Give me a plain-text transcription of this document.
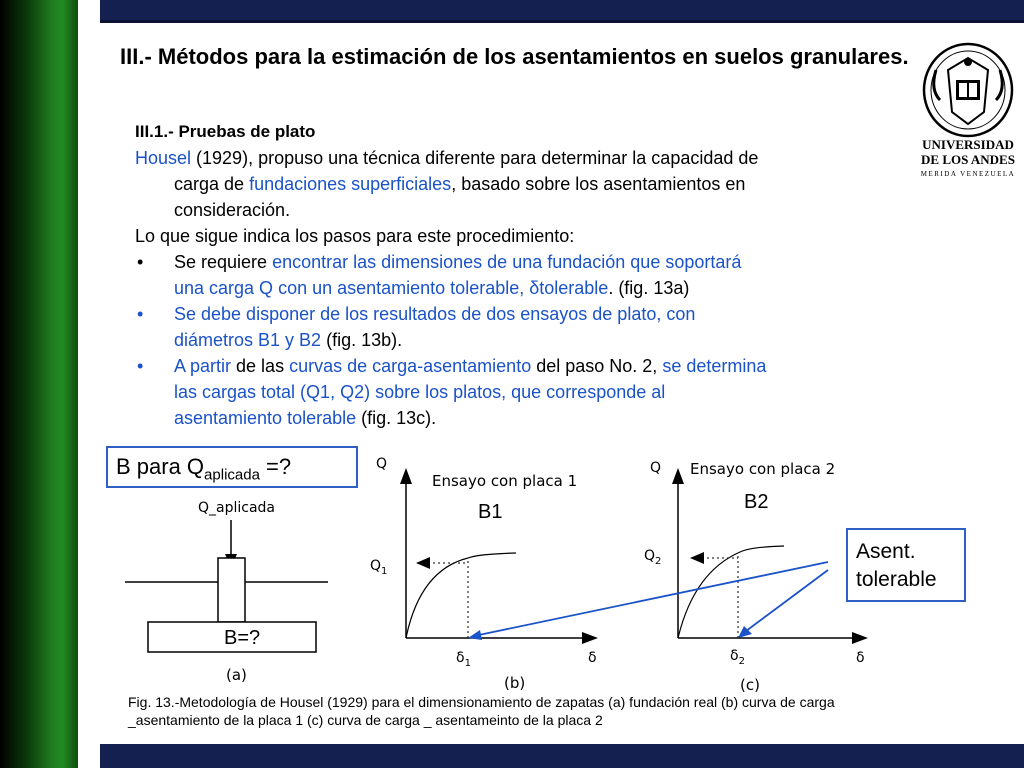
III.- Métodos para la estimación de los asentamientos en suelos granulares.
UNIVERSIDAD
DE LOS ANDES
MERIDA VENEZUELA

III.1.- Pruebas de plato

Housel (1929), propuso una técnica diferente para determinar la capacidad de

carga de fundaciones superficiales, basado sobre los asentamientos en

consideración.

Lo que sigue indica los pasos para este procedimiento:

• Se requiere encontrar las dimensiones de una fundación que soportará
una carga Q con un asentamiento tolerable, δtolerable. (fig. 13a)
• Se debe disponer de los resultados de dos ensayos de plato, con
diámetros B1 y B2 (fig. 13b).
• A partir de las curvas de carga-asentamiento del paso No. 2, se determina
las cargas total (Q1, Q2) sobre los platos, que corresponde al
asentamiento tolerable (fig. 13c).
Q_aplicada
B=?
(a)
Q
Ensayo con placa 1
B1
$Q_1$
$\delta_1$	δ
(b)
Q Ensayo con placa 2
B2
$Q_2$
$\delta_2$	δ
(c)
B para $Q_{aplicada}$ =?
Asent.
tolerable
Fig. 13.-Metodología de Housel (1929) para el dimensionamiento de zapatas (a) fundación real (b) curva de carga
_asentamiento de la placa 1 (c) curva de carga _ asentameinto de la placa 2
